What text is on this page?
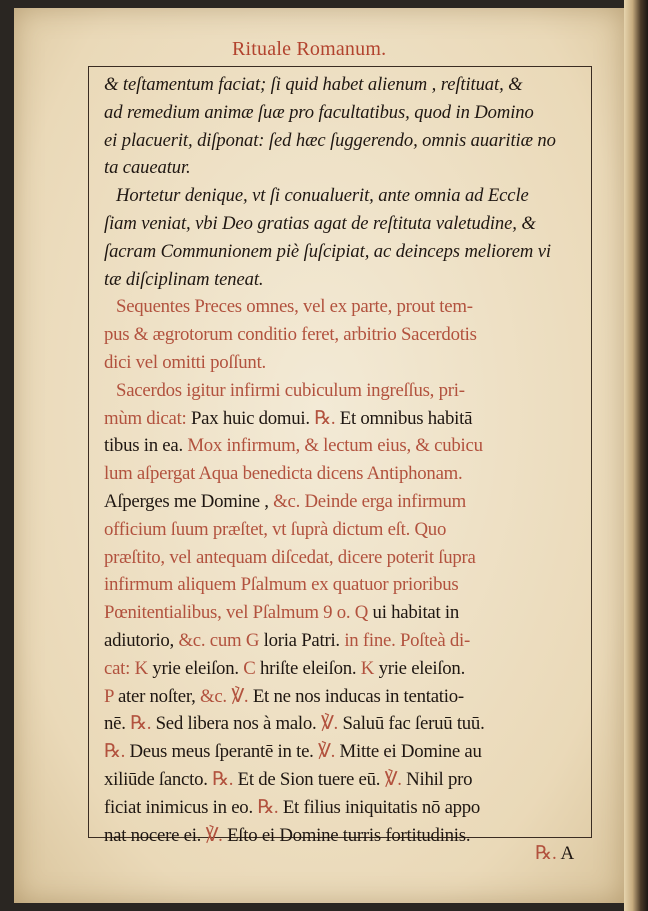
Rituale Romanum.
& teſtamentum faciat; ſi quid habet alienum , reſtituat, &
ad remedium animæ ſuæ pro facultatibus, quod in Domino
ei placuerit, diſponat: ſed hæc ſuggerendo, omnis auaritiæ no
ta caueatur.
Hortetur denique, vt ſi conualuerit, ante omnia ad Eccle
ſiam veniat, vbi Deo gratias agat de reſtituta valetudine, &
ſacram Communionem piè ſuſcipiat, ac deinceps meliorem vi
tæ diſciplinam teneat.
Sequentes Preces omnes, vel ex parte, prout tem-
pus & ægrotorum conditio feret, arbitrio Sacerdotis
dici vel omitti poſſunt.
Sacerdos igitur infirmi cubiculum ingreſſus, pri-
mùm dicat: Pax huic domui. ℞. Et omnibus habitā
tibus in ea. Mox infirmum, & lectum eius, & cubicu
lum aſpergat Aqua benedicta dicens Antiphonam.
Aſperges me Domine , &c. Deinde erga infirmum
officium ſuum præſtet, vt ſuprà dictum eſt. Quo
præſtito, vel antequam diſcedat, dicere poterit ſupra
infirmum aliquem Pſalmum ex quatuor prioribus
Pœnitentialibus, vel Pſalmum 9 o. Q ui habitat in
adiutorio, &c. cum G loria Patri. in fine. Poſteà di-
cat: K yrie eleiſon. C hriſte eleiſon. K yrie eleiſon.
P ater noſter, &c. ℣. Et ne nos inducas in tentatio-
nē. ℞. Sed libera nos à malo. ℣. Saluū fac ſeruū tuū.
℞. Deus meus ſperantē in te. ℣. Mitte ei Domine au
xiliūde ſancto. ℞. Et de Sion tuere eū. ℣. Nihil pro
ficiat inimicus in eo. ℞. Et filius iniquitatis nō appo
nat nocere ei. ℣. Eſto ei Domine turris fortitudinis.
℞. A
